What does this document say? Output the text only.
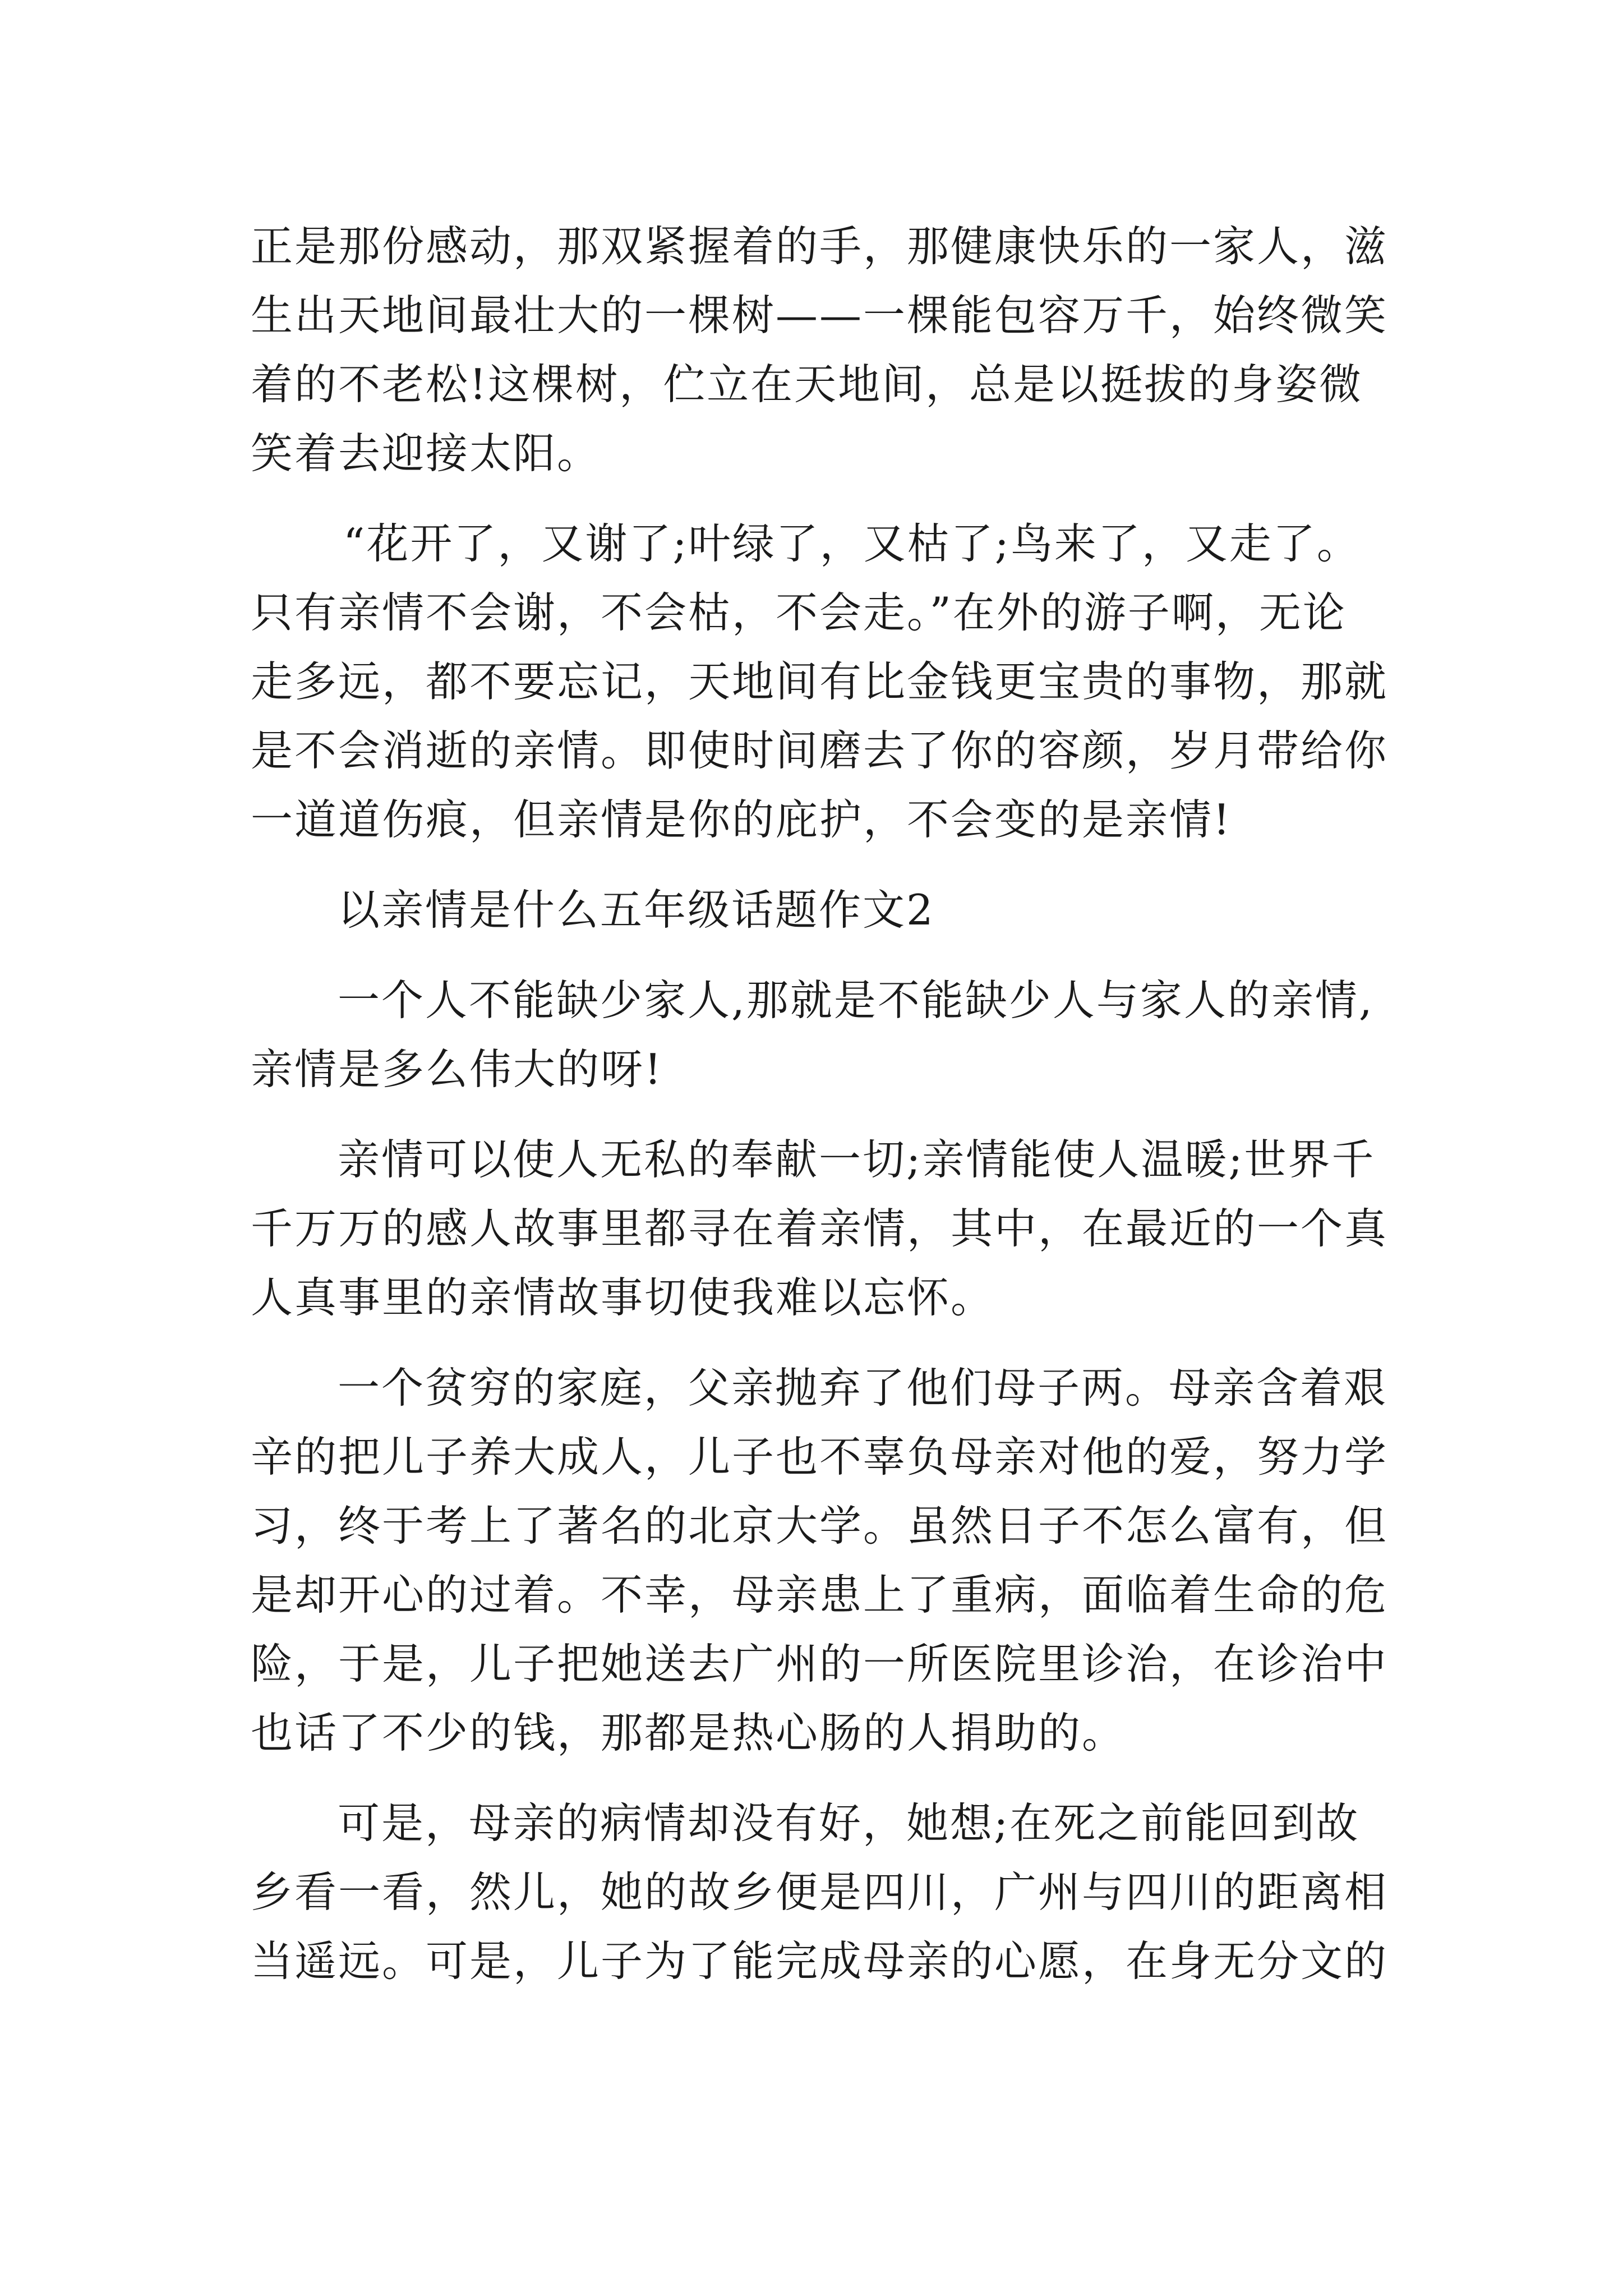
正是那份感动，那双紧握着的手，那健康快乐的一家人，滋
生出天地间最壮大的一棵树——一棵能包容万千，始终微笑
着的不老松!这棵树，伫立在天地间，总是以挺拔的身姿微
笑着去迎接太阳。
“花开了，又谢了;叶绿了，又枯了;鸟来了，又走了。
只有亲情不会谢，不会枯，不会走。”在外的游子啊，无论
走多远，都不要忘记，天地间有比金钱更宝贵的事物，那就
是不会消逝的亲情。即使时间磨去了你的容颜，岁月带给你
一道道伤痕，但亲情是你的庇护，不会变的是亲情!
以亲情是什么五年级话题作文2
一个人不能缺少家人,那就是不能缺少人与家人的亲情,
亲情是多么伟大的呀!
亲情可以使人无私的奉献一切;亲情能使人温暖;世界千
千万万的感人故事里都寻在着亲情，其中，在最近的一个真
人真事里的亲情故事切使我难以忘怀。
一个贫穷的家庭，父亲抛弃了他们母子两。母亲含着艰
辛的把儿子养大成人，儿子也不辜负母亲对他的爱，努力学
习，终于考上了著名的北京大学。虽然日子不怎么富有，但
是却开心的过着。不幸，母亲患上了重病，面临着生命的危
险，于是，儿子把她送去广州的一所医院里诊治，在诊治中
也话了不少的钱，那都是热心肠的人捐助的。
可是，母亲的病情却没有好，她想;在死之前能回到故
乡看一看，然儿，她的故乡便是四川，广州与四川的距离相
当遥远。可是，儿子为了能完成母亲的心愿，在身无分文的
